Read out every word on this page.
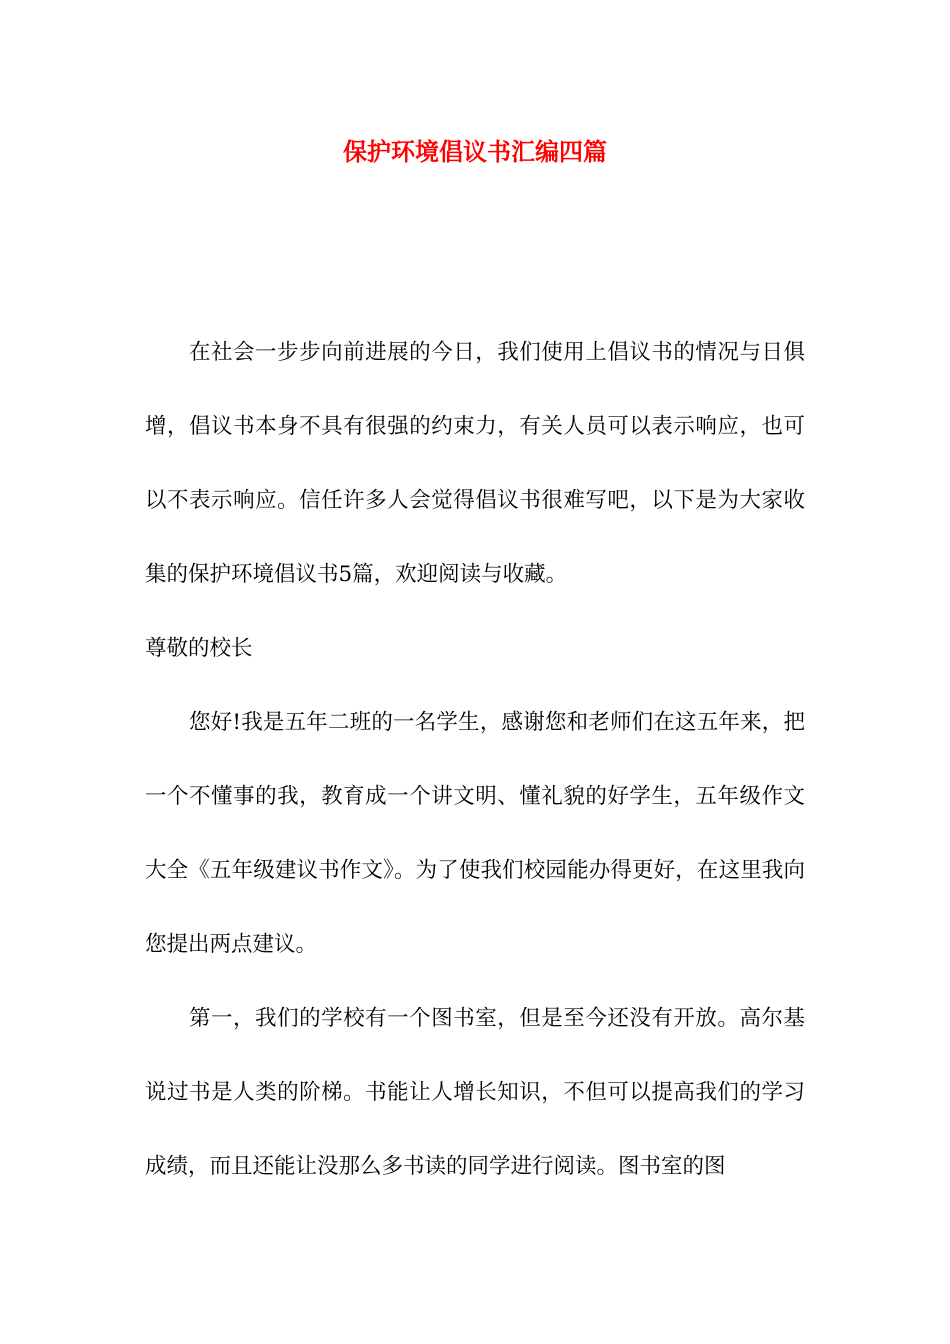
保护环境倡议书汇编四篇

在社会一步步向前进展的今日，我们使用上倡议书的情况与日俱增，倡议书本身不具有很强的约束力，有关人员可以表示响应，也可以不表示响应。信任许多人会觉得倡议书很难写吧，以下是为大家收集的保护环境倡议书5篇，欢迎阅读与收藏。

尊敬的校长

您好!我是五年二班的一名学生，感谢您和老师们在这五年来，把一个不懂事的我，教育成一个讲文明、懂礼貌的好学生，五年级作文大全《五年级建议书作文》。为了使我们校园能办得更好，在这里我向您提出两点建议。

第一，我们的学校有一个图书室，但是至今还没有开放。高尔基说过书是人类的阶梯。书能让人增长知识，不但可以提高我们的学习成绩，而且还能让没那么多书读的同学进行阅读。图书室的图
